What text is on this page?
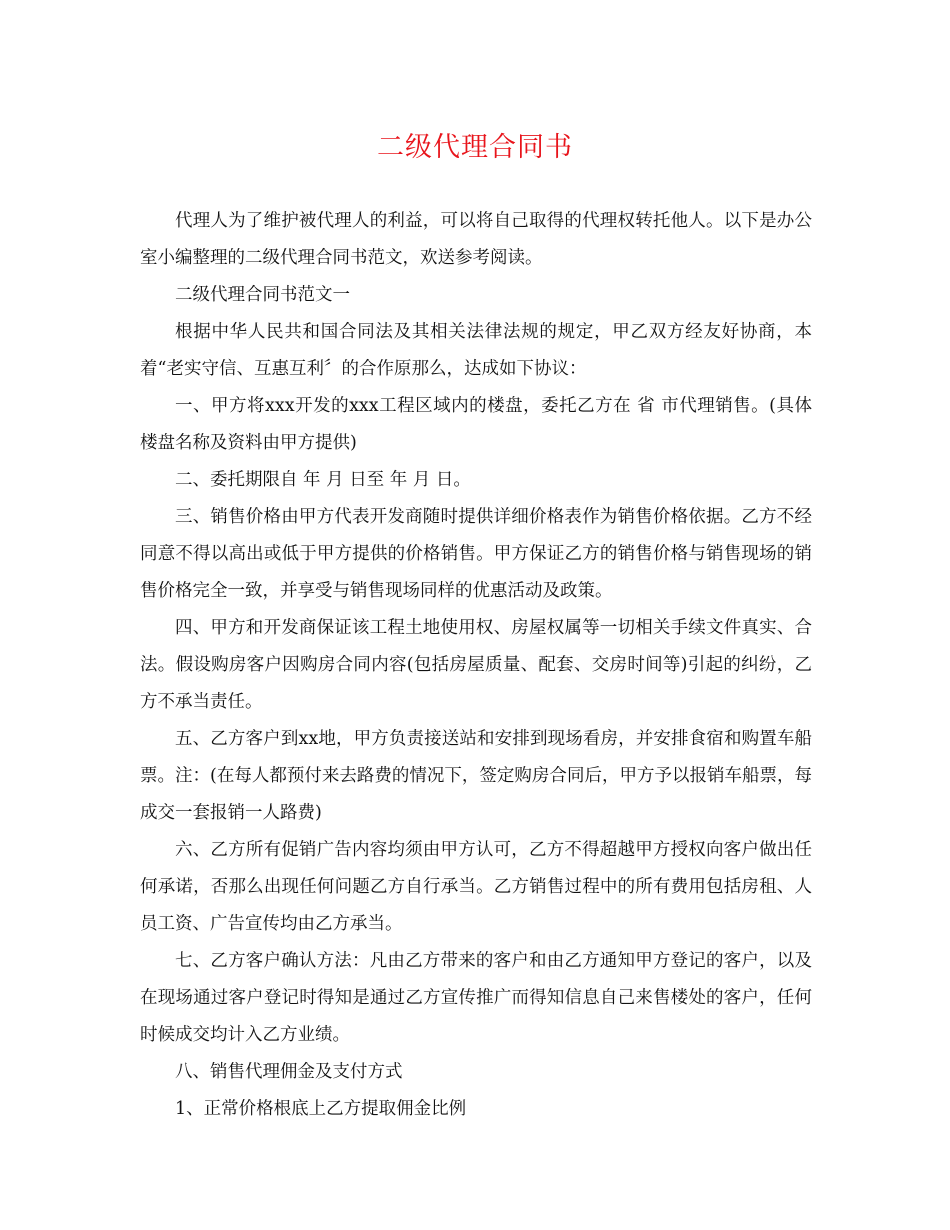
二级代理合同书

代理人为了维护被代理人的利益，可以将自己取得的代理权转托他人。以下是办公室小编整理的二级代理合同书范文，欢送参考阅读。

二级代理合同书范文一

根据中华人民共和国合同法及其相关法律法规的规定，甲乙双方经友好协商，本着“老实守信、互惠互利〞的合作原那么，达成如下协议：

一、甲方将xxx开发的xxx工程区域内的楼盘，委托乙方在 省 市代理销售。(具体楼盘名称及资料由甲方提供)

二、委托期限自 年 月 日至 年 月 日。

三、销售价格由甲方代表开发商随时提供详细价格表作为销售价格依据。乙方不经同意不得以高出或低于甲方提供的价格销售。甲方保证乙方的销售价格与销售现场的销售价格完全一致，并享受与销售现场同样的优惠活动及政策。

四、甲方和开发商保证该工程土地使用权、房屋权属等一切相关手续文件真实、合法。假设购房客户因购房合同内容(包括房屋质量、配套、交房时间等)引起的纠纷，乙方不承当责任。

五、乙方客户到xx地，甲方负责接送站和安排到现场看房，并安排食宿和购置车船票。注：(在每人都预付来去路费的情况下，签定购房合同后，甲方予以报销车船票，每成交一套报销一人路费)

六、乙方所有促销广告内容均须由甲方认可，乙方不得超越甲方授权向客户做出任何承诺，否那么出现任何问题乙方自行承当。乙方销售过程中的所有费用包括房租、人员工资、广告宣传均由乙方承当。

七、乙方客户确认方法：凡由乙方带来的客户和由乙方通知甲方登记的客户，以及在现场通过客户登记时得知是通过乙方宣传推广而得知信息自己来售楼处的客户，任何时候成交均计入乙方业绩。

八、销售代理佣金及支付方式

1、正常价格根底上乙方提取佣金比例
